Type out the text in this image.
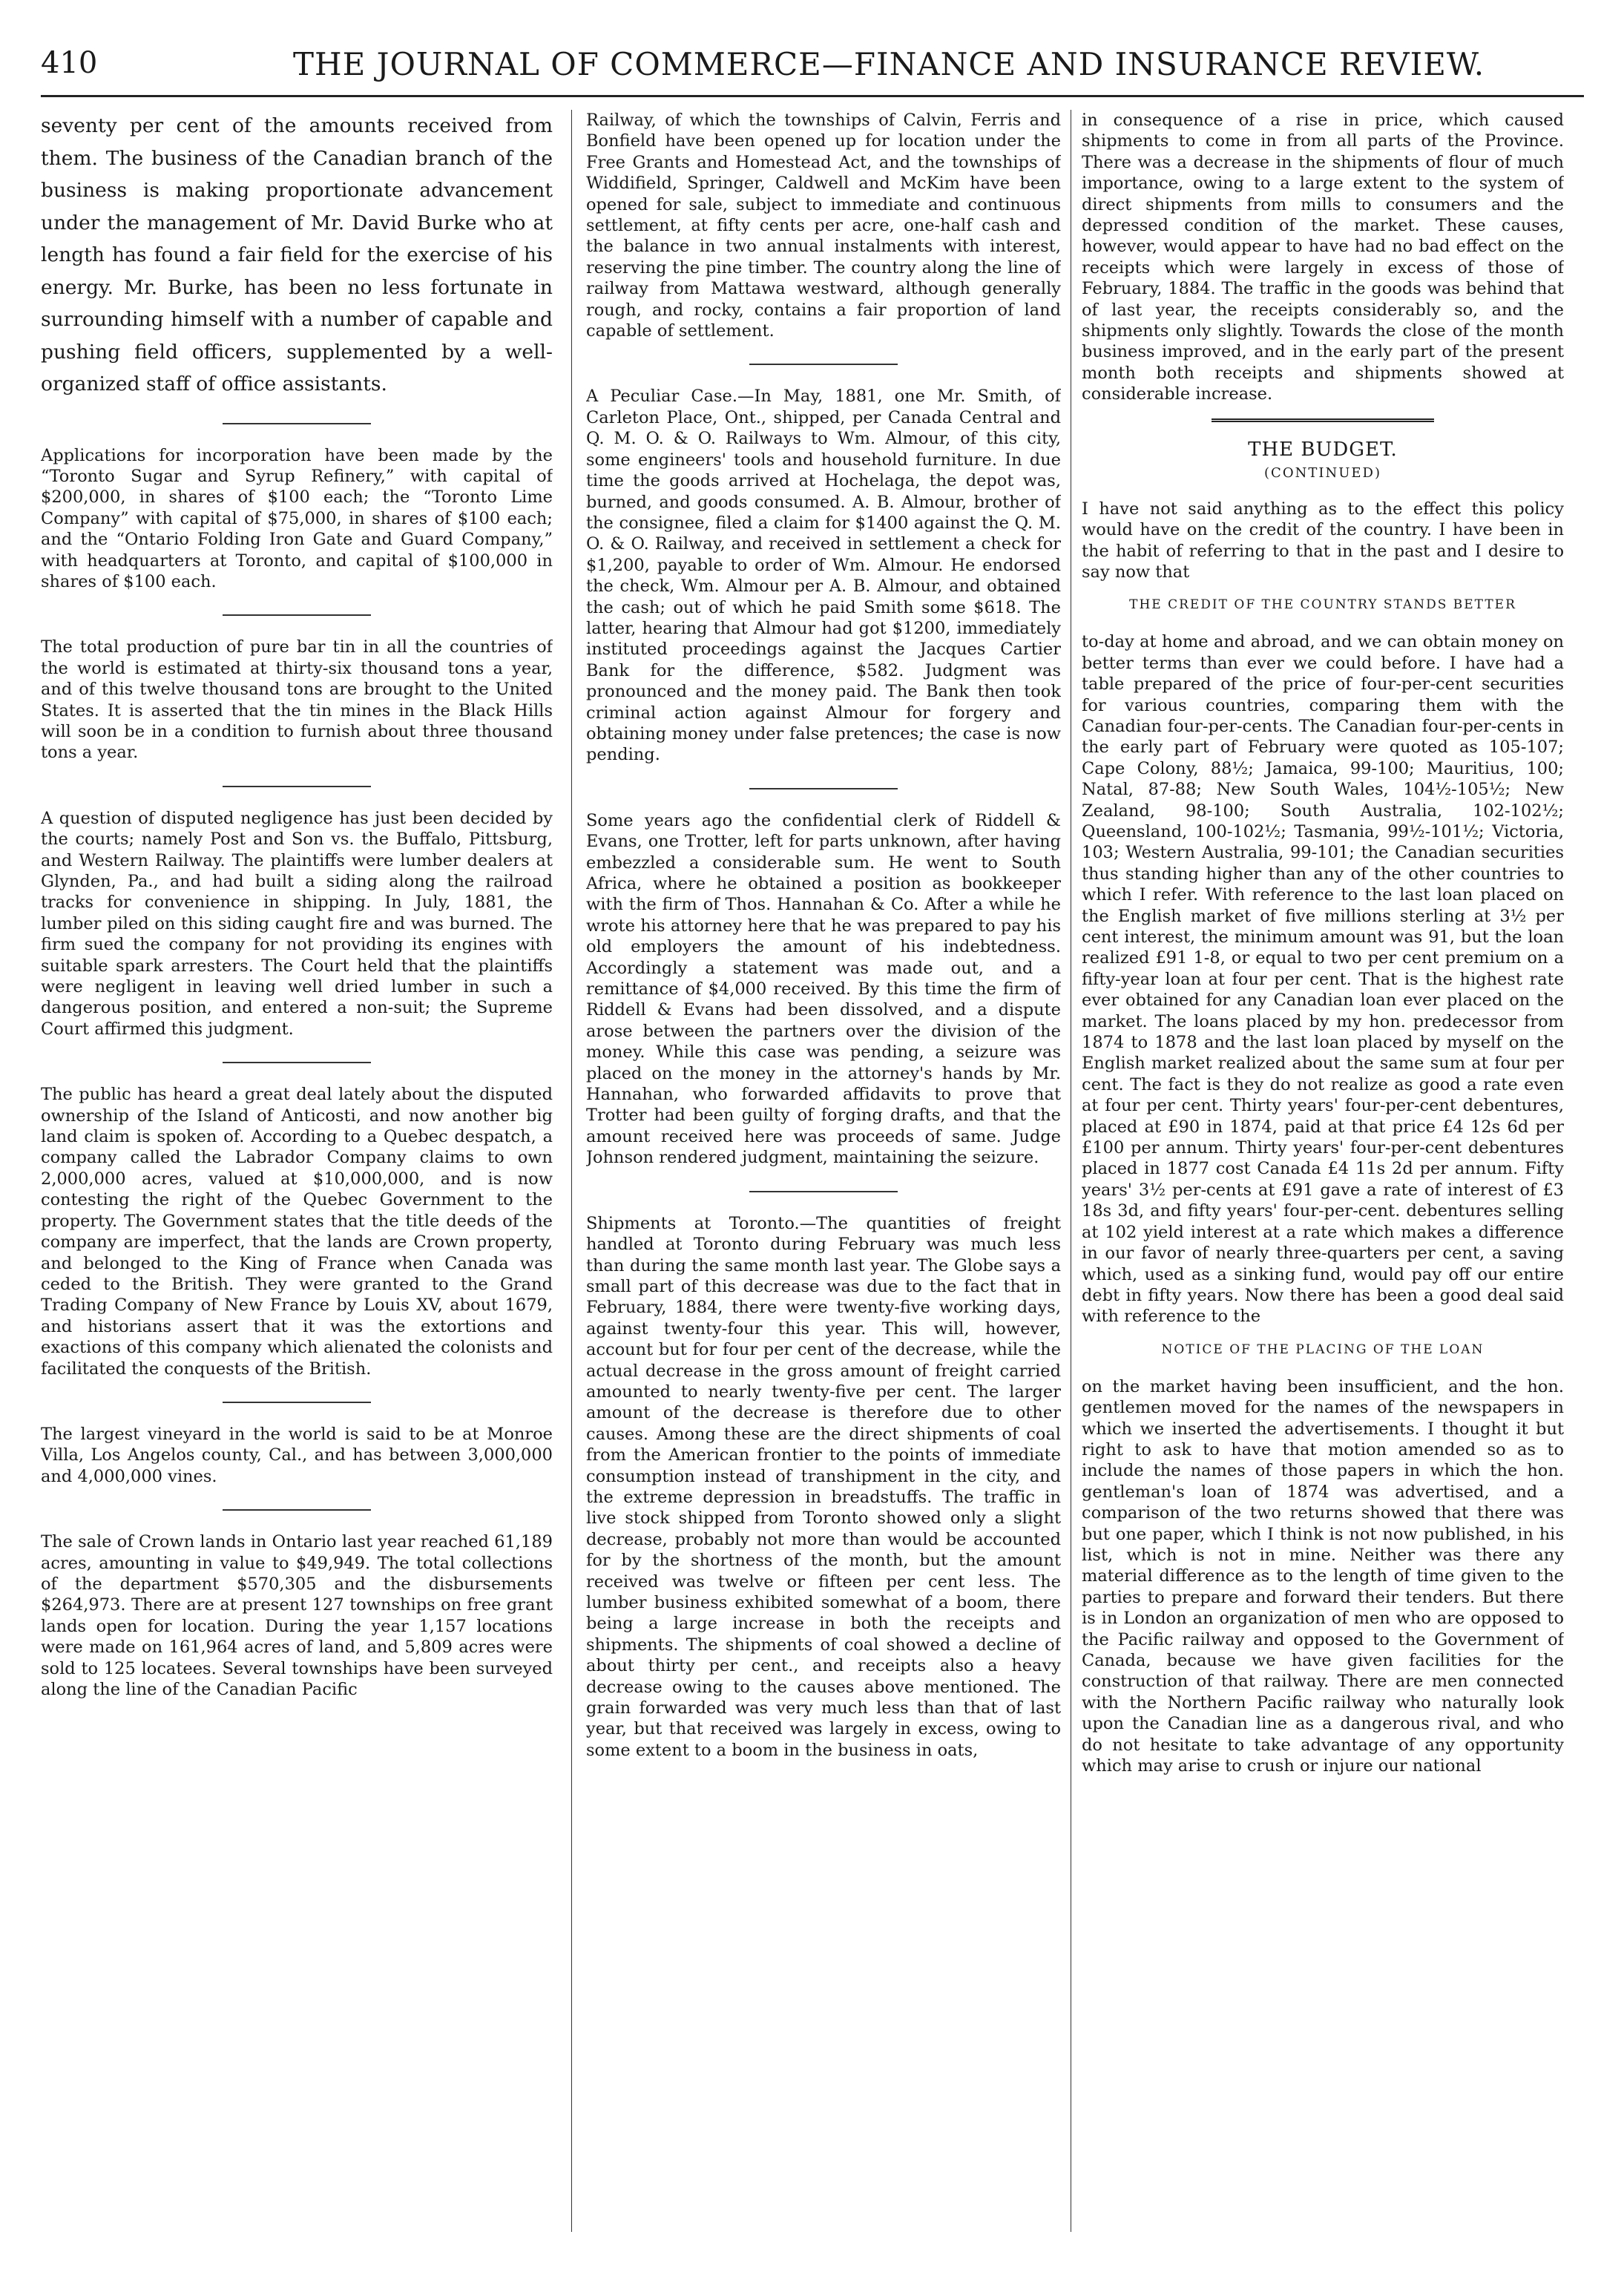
410	THE JOURNAL OF COMMERCE—FINANCE AND INSURANCE REVIEW.

seventy per cent of the amounts received from them. The business of the Canadian branch of the business is making proportionate advancement under the management of Mr. David Burke who at length has found a fair field for the exercise of his energy. Mr. Burke, has been no less fortunate in surrounding himself with a number of capable and pushing field officers, supplemented by a well-organized staff of office assistants.

Applications for incorporation have been made by the “Toronto Sugar and Syrup Refinery,” with capital of $200,000, in shares of $100 each; the “Toronto Lime Company” with capital of $75,000, in shares of $100 each; and the “Ontario Folding Iron Gate and Guard Company,” with headquarters at Toronto, and capital of $100,000 in shares of $100 each.

The total production of pure bar tin in all the countries of the world is estimated at thirty-six thousand tons a year, and of this twelve thousand tons are brought to the United States. It is asserted that the tin mines in the Black Hills will soon be in a condition to furnish about three thousand tons a year.

A question of disputed negligence has just been decided by the courts; namely Post and Son vs. the Buffalo, Pittsburg, and Western Railway. The plaintiffs were lumber dealers at Glynden, Pa., and had built a siding along the railroad tracks for convenience in shipping. In July, 1881, the lumber piled on this siding caught fire and was burned. The firm sued the company for not providing its engines with suitable spark arresters. The Court held that the plaintiffs were negligent in leaving well dried lumber in such a dangerous position, and entered a non-suit; the Supreme Court affirmed this judgment.

The public has heard a great deal lately about the disputed ownership of the Island of Anticosti, and now another big land claim is spoken of. According to a Quebec despatch, a company called the Labrador Company claims to own 2,000,000 acres, valued at $10,000,000, and is now contesting the right of the Quebec Government to the property. The Government states that the title deeds of the company are imperfect, that the lands are Crown property, and belonged to the King of France when Canada was ceded to the British. They were granted to the Grand Trading Company of New France by Louis XV, about 1679, and historians assert that it was the extortions and exactions of this company which alienated the colonists and facilitated the conquests of the British.

The largest vineyard in the world is said to be at Monroe Villa, Los Angelos county, Cal., and has between 3,000,000 and 4,000,000 vines.

The sale of Crown lands in Ontario last year reached 61,189 acres, amounting in value to $49,949. The total collections of the department $570,305 and the disbursements $264,973. There are at present 127 townships on free grant lands open for location. During the year 1,157 locations were made on 161,964 acres of land, and 5,809 acres were sold to 125 locatees. Several townships have been surveyed along the line of the Canadian Pacific

Railway, of which the townships of Calvin, Ferris and Bonfield have been opened up for location under the Free Grants and Homestead Act, and the townships of Widdifield, Springer, Caldwell and McKim have been opened for sale, subject to immediate and continuous settlement, at fifty cents per acre, one-half cash and the balance in two annual instalments with interest, reserving the pine timber. The country along the line of railway from Mattawa westward, although generally rough, and rocky, contains a fair proportion of land capable of settlement.

A Peculiar Case.—In May, 1881, one Mr. Smith, of Carleton Place, Ont., shipped, per Canada Central and Q. M. O. & O. Railways to Wm. Almour, of this city, some engineers' tools and household furniture. In due time the goods arrived at Hochelaga, the depot was, burned, and goods consumed. A. B. Almour, brother of the consignee, filed a claim for $1400 against the Q. M. O. & O. Railway, and received in settlement a check for $1,200, payable to order of Wm. Almour. He endorsed the check, Wm. Almour per A. B. Almour, and obtained the cash; out of which he paid Smith some $618. The latter, hearing that Almour had got $1200, immediately instituted proceedings against the Jacques Cartier Bank for the difference, $582. Judgment was pronounced and the money paid. The Bank then took criminal action against Almour for forgery and obtaining money under false pretences; the case is now pending.

Some years ago the confidential clerk of Riddell & Evans, one Trotter, left for parts unknown, after having embezzled a considerable sum. He went to South Africa, where he obtained a position as bookkeeper with the firm of Thos. Hannahan & Co. After a while he wrote his attorney here that he was prepared to pay his old employers the amount of his indebtedness. Accordingly a statement was made out, and a remittance of $4,000 received. By this time the firm of Riddell & Evans had been dissolved, and a dispute arose between the partners over the division of the money. While this case was pending, a seizure was placed on the money in the attorney's hands by Mr. Hannahan, who forwarded affidavits to prove that Trotter had been guilty of forging drafts, and that the amount received here was proceeds of same. Judge Johnson rendered judgment, maintaining the seizure.

Shipments at Toronto.—The quantities of freight handled at Toronto during February was much less than during the same month last year. The Globe says a small part of this decrease was due to the fact that in February, 1884, there were twenty-five working days, against twenty-four this year. This will, however, account but for four per cent of the decrease, while the actual decrease in the gross amount of freight carried amounted to nearly twenty-five per cent. The larger amount of the decrease is therefore due to other causes. Among these are the direct shipments of coal from the American frontier to the points of immediate consumption instead of transhipment in the city, and the extreme depression in breadstuffs. The traffic in live stock shipped from Toronto showed only a slight decrease, probably not more than would be accounted for by the shortness of the month, but the amount received was twelve or fifteen per cent less. The lumber business exhibited somewhat of a boom, there being a large increase in both the receipts and shipments. The shipments of coal showed a decline of about thirty per cent., and receipts also a heavy decrease owing to the causes above mentioned. The grain forwarded was very much less than that of last year, but that received was largely in excess, owing to some extent to a boom in the business in oats,

in consequence of a rise in price, which caused shipments to come in from all parts of the Province. There was a decrease in the shipments of flour of much importance, owing to a large extent to the system of direct shipments from mills to consumers and the depressed condition of the market. These causes, however, would appear to have had no bad effect on the receipts which were largely in excess of those of February, 1884. The traffic in the goods was behind that of last year, the receipts considerably so, and the shipments only slightly. Towards the close of the month business improved, and in the early part of the present month both receipts and shipments showed at considerable increase.

THE BUDGET.
(CONTINUED)

I have not said anything as to the effect this policy would have on the credit of the country. I have been in the habit of referring to that in the past and I desire to say now that

THE CREDIT OF THE COUNTRY STANDS BETTER

to-day at home and abroad, and we can obtain money on better terms than ever we could before. I have had a table prepared of the price of four-per-cent securities for various countries, comparing them with the Canadian four-per-cents. The Canadian four-per-cents in the early part of February were quoted as 105-107; Cape Colony, 88½; Jamaica, 99-100; Mauritius, 100; Natal, 87-88; New South Wales, 104½-105½; New Zealand, 98-100; South Australia, 102-102½; Queensland, 100-102½; Tasmania, 99½-101½; Victoria, 103; Western Australia, 99-101; the Canadian securities thus standing higher than any of the other countries to which I refer. With reference to the last loan placed on the English market of five millions sterling at 3½ per cent interest, the minimum amount was 91, but the loan realized £91 1-8, or equal to two per cent premium on a fifty-year loan at four per cent. That is the highest rate ever obtained for any Canadian loan ever placed on the market. The loans placed by my hon. predecessor from 1874 to 1878 and the last loan placed by myself on the English market realized about the same sum at four per cent. The fact is they do not realize as good a rate even at four per cent. Thirty years' four-per-cent debentures, placed at £90 in 1874, paid at that price £4 12s 6d per £100 per annum. Thirty years' four-per-cent debentures placed in 1877 cost Canada £4 11s 2d per annum. Fifty years' 3½ per-cents at £91 gave a rate of interest of £3 18s 3d, and fifty years' four-per-cent. debentures selling at 102 yield interest at a rate which makes a difference in our favor of nearly three-quarters per cent, a saving which, used as a sinking fund, would pay off our entire debt in fifty years. Now there has been a good deal said with reference to the

NOTICE OF THE PLACING OF THE LOAN

on the market having been insufficient, and the hon. gentlemen moved for the names of the newspapers in which we inserted the advertisements. I thought it but right to ask to have that motion amended so as to include the names of those papers in which the hon. gentleman's loan of 1874 was advertised, and a comparison of the two returns showed that there was but one paper, which I think is not now published, in his list, which is not in mine. Neither was there any material difference as to the length of time given to the parties to prepare and forward their tenders. But there is in London an organization of men who are opposed to the Pacific railway and opposed to the Government of Canada, because we have given facilities for the construction of that railway. There are men connected with the Northern Pacific railway who naturally look upon the Canadian line as a dangerous rival, and who do not hesitate to take advantage of any opportunity which may arise to crush or injure our national
